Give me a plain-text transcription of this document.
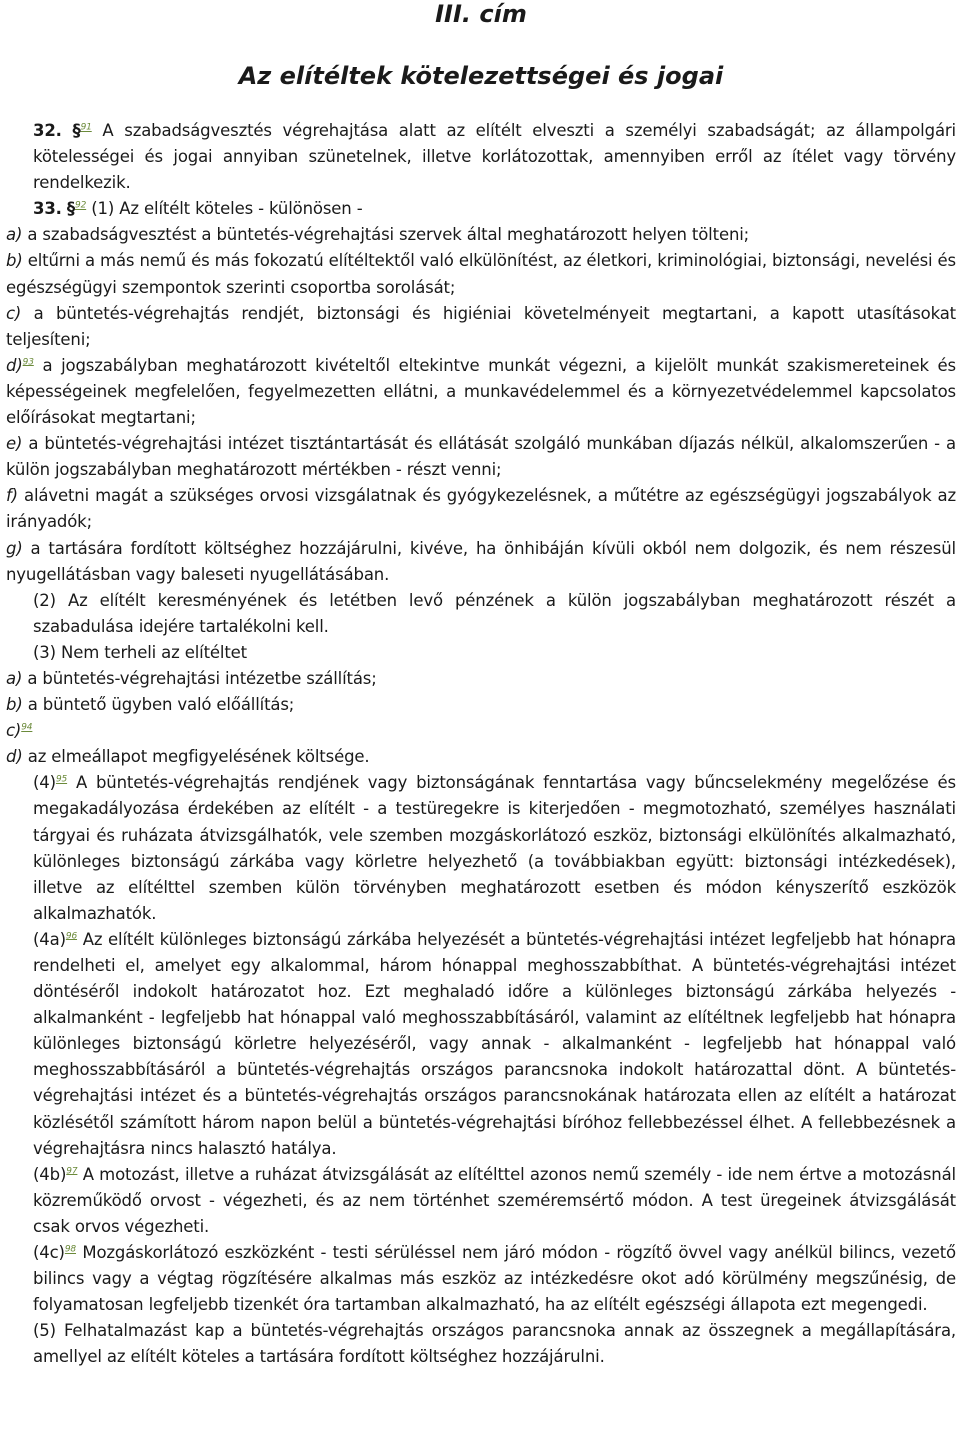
III. cím
Az elítéltek kötelezettségei és jogai

32. §$^{91}$ A szabadságvesztés végrehajtása alatt az elítélt elveszti a személyi szabadságát; az állampolgári kötelességei és jogai annyiban szünetelnek, illetve korlátozottak, amennyiben erről az ítélet vagy törvény rendelkezik.

33. §$^{92}$ (1) Az elítélt köteles - különösen -

a) a szabadságvesztést a büntetés-végrehajtási szervek által meghatározott helyen tölteni;

b) eltűrni a más nemű és más fokozatú elítéltektől való elkülönítést, az életkori, kriminológiai, biztonsági, nevelési és egészségügyi szempontok szerinti csoportba sorolását;

c) a büntetés-végrehajtás rendjét, biztonsági és higiéniai követelményeit megtartani, a kapott utasításokat teljesíteni;

d)$^{93}$ a jogszabályban meghatározott kivételtől eltekintve munkát végezni, a kijelölt munkát szakismereteinek és képességeinek megfelelően, fegyelmezetten ellátni, a munkavédelemmel és a környezetvédelemmel kapcsolatos előírásokat megtartani;

e) a büntetés-végrehajtási intézet tisztántartását és ellátását szolgáló munkában díjazás nélkül, alkalomszerűen - a külön jogszabályban meghatározott mértékben - részt venni;

f) alávetni magát a szükséges orvosi vizsgálatnak és gyógykezelésnek, a műtétre az egészségügyi jogszabályok az irányadók;

g) a tartására fordított költséghez hozzájárulni, kivéve, ha önhibáján kívüli okból nem dolgozik, és nem részesül nyugellátásban vagy baleseti nyugellátásában.

(2) Az elítélt keresményének és letétben levő pénzének a külön jogszabályban meghatározott részét a szabadulása idejére tartalékolni kell.

(3) Nem terheli az elítéltet

a) a büntetés-végrehajtási intézetbe szállítás;

b) a büntető ügyben való előállítás;

c)$^{94}$

d) az elmeállapot megfigyelésének költsége.

$(4)^{95}$ A büntetés-végrehajtás rendjének vagy biztonságának fenntartása vagy bűncselekmény megelőzése és megakadályozása érdekében az elítélt - a testüregekre is kiterjedően - megmotozható, személyes használati tárgyai és ruházata átvizsgálhatók, vele szemben mozgáskorlátozó eszköz, biztonsági elkülönítés alkalmazható, különleges biztonságú zárkába vagy körletre helyezhető (a továbbiakban együtt: biztonsági intézkedések), illetve az elítélttel szemben külön törvényben meghatározott esetben és módon kényszerítő eszközök alkalmazhatók.

$(4a)^{96}$ Az elítélt különleges biztonságú zárkába helyezését a büntetés-végrehajtási intézet legfeljebb hat hónapra rendelheti el, amelyet egy alkalommal, három hónappal meghosszabbíthat. A büntetés-végrehajtási intézet döntéséről indokolt határozatot hoz. Ezt meghaladó időre a különleges biztonságú zárkába helyezés - alkalmanként - legfeljebb hat hónappal való meghosszabbításáról, valamint az elítéltnek legfeljebb hat hónapra különleges biztonságú körletre helyezéséről, vagy annak - alkalmanként - legfeljebb hat hónappal való meghosszabbításáról a büntetés-végrehajtás országos parancsnoka indokolt határozattal dönt. A büntetés-végrehajtási intézet és a büntetés-végrehajtás országos parancsnokának határozata ellen az elítélt a határozat közlésétől számított három napon belül a büntetés-végrehajtási bíróhoz fellebbezéssel élhet. A fellebbezésnek a végrehajtásra nincs halasztó hatálya.

$(4b)^{97}$ A motozást, illetve a ruházat átvizsgálását az elítélttel azonos nemű személy - ide nem értve a motozásnál közreműködő orvost - végezheti, és az nem történhet szeméremsértő módon. A test üregeinek átvizsgálását csak orvos végezheti.

$(4c)^{98}$ Mozgáskorlátozó eszközként - testi sérüléssel nem járó módon - rögzítő övvel vagy anélkül bilincs, vezető bilincs vagy a végtag rögzítésére alkalmas más eszköz az intézkedésre okot adó körülmény megszűnésig, de folyamatosan legfeljebb tizenkét óra tartamban alkalmazható, ha az elítélt egészségi állapota ezt megengedi.

(5) Felhatalmazást kap a büntetés-végrehajtás országos parancsnoka annak az összegnek a megállapítására, amellyel az elítélt köteles a tartására fordított költséghez hozzájárulni.
